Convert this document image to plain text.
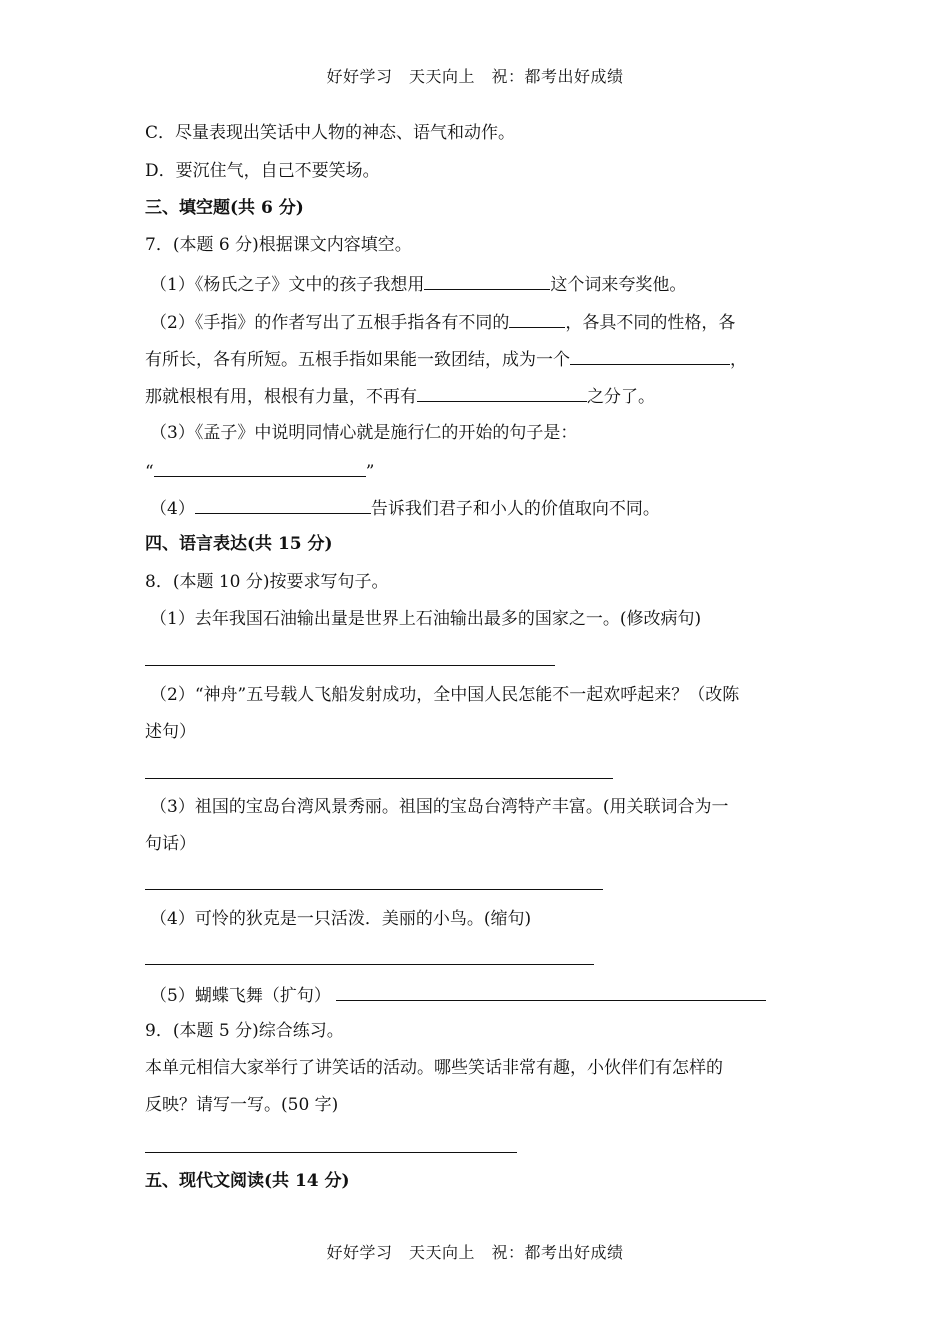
好好学习　天天向上　祝：都考出好成绩
C．尽量表现出笑话中人物的神态、语气和动作。
D．要沉住气，自己不要笑场。
三、填空题(共 6 分)
7．(本题 6 分)根据课文内容填空。
（1）《杨氏之子》文中的孩子我想用	这个词来夸奖他。
（2）《手指》的作者写出了五根手指各有不同的	，各具不同的性格，各
有所长，各有所短。五根手指如果能一致团结，成为一个	，
那就根根有用，根根有力量，不再有	之分了。
（3）《孟子》中说明同情心就是施行仁的开始的句子是：
“	”
（4）	告诉我们君子和小人的价值取向不同。
四、语言表达(共 15 分)
8．(本题 10 分)按要求写句子。
（1）去年我国石油输出量是世界上石油输出最多的国家之一。(修改病句)
（2）“神舟”五号载人飞船发射成功，全中国人民怎能不一起欢呼起来？（改陈
述句）
（3）祖国的宝岛台湾风景秀丽。祖国的宝岛台湾特产丰富。(用关联词合为一
句话）
（4）可怜的狄克是一只活泼．美丽的小鸟。(缩句)
（5）蝴蝶飞舞（扩句）
9．(本题 5 分)综合练习。
本单元相信大家举行了讲笑话的活动。哪些笑话非常有趣，小伙伴们有怎样的
反映？请写一写。(50 字)
五、现代文阅读(共 14 分)
好好学习　天天向上　祝：都考出好成绩
